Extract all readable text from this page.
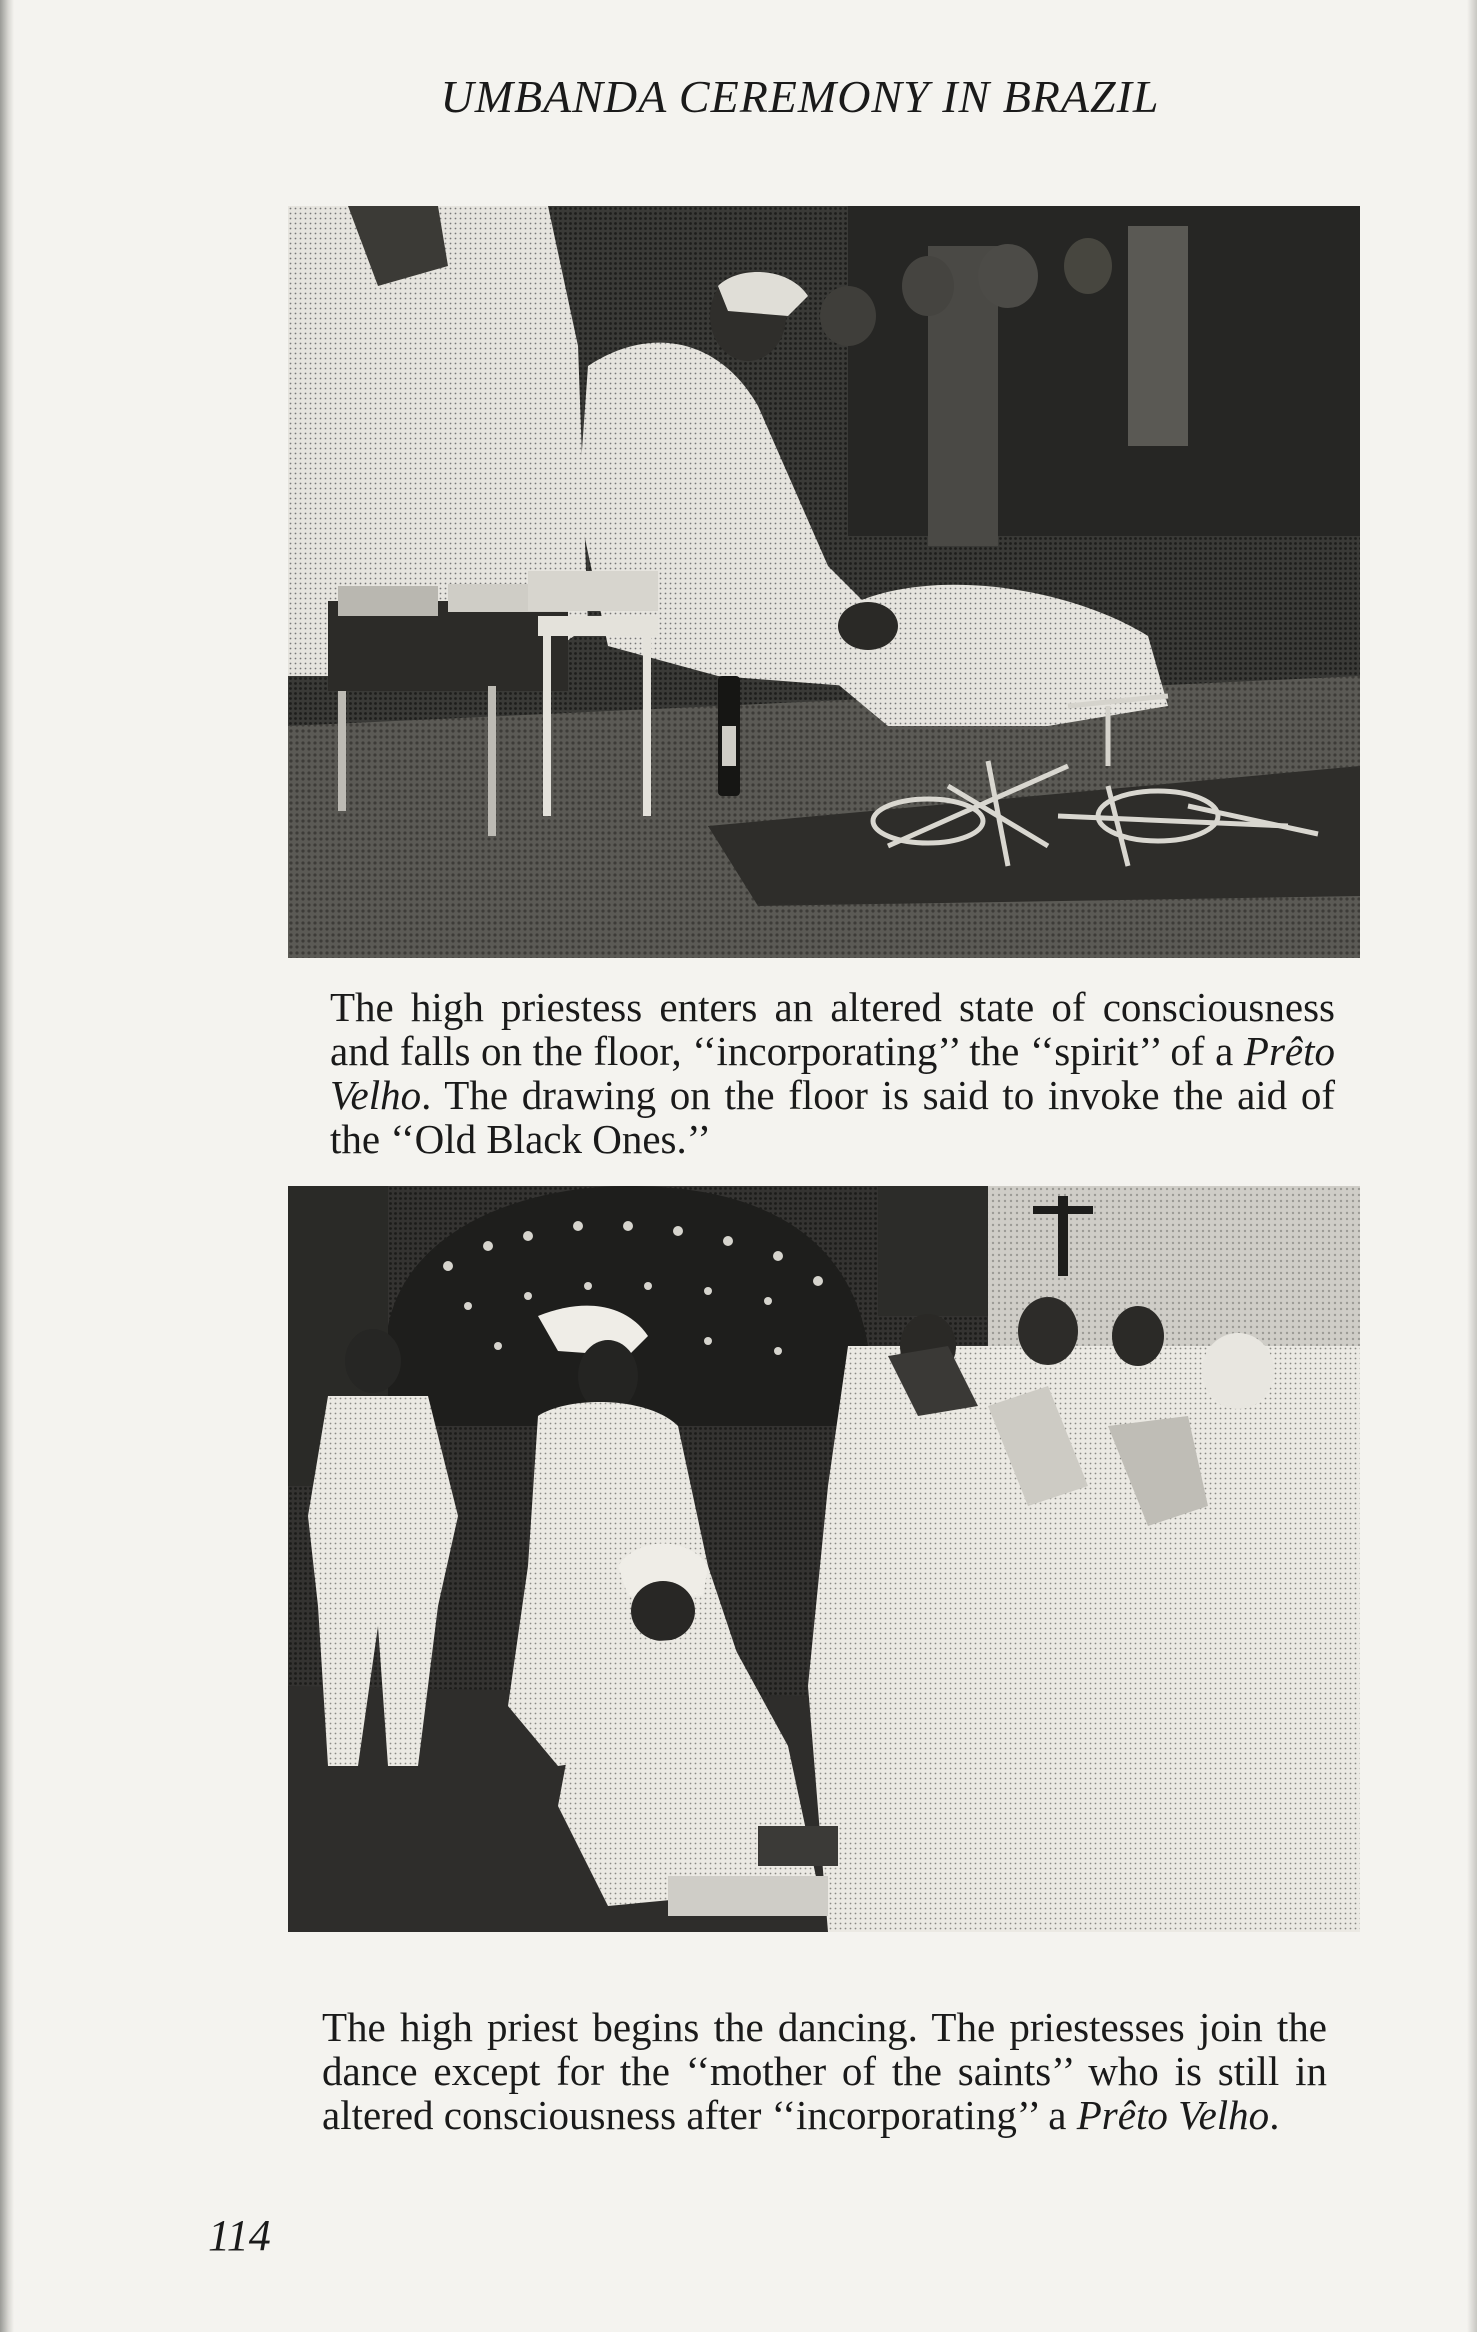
UMBANDA CEREMONY IN BRAZIL

The high priestess enters an altered state of consciousness and falls on the floor, ‘‘incorporating’’ the ‘‘spirit’’ of a Prêto Velho. The drawing on the floor is said to invoke the aid of the ‘‘Old Black Ones.’’

The high priest begins the dancing. The priestesses join the dance except for the ‘‘mother of the saints’’ who is still in altered consciousness after ‘‘incorporating’’ a Prêto Velho.

114
